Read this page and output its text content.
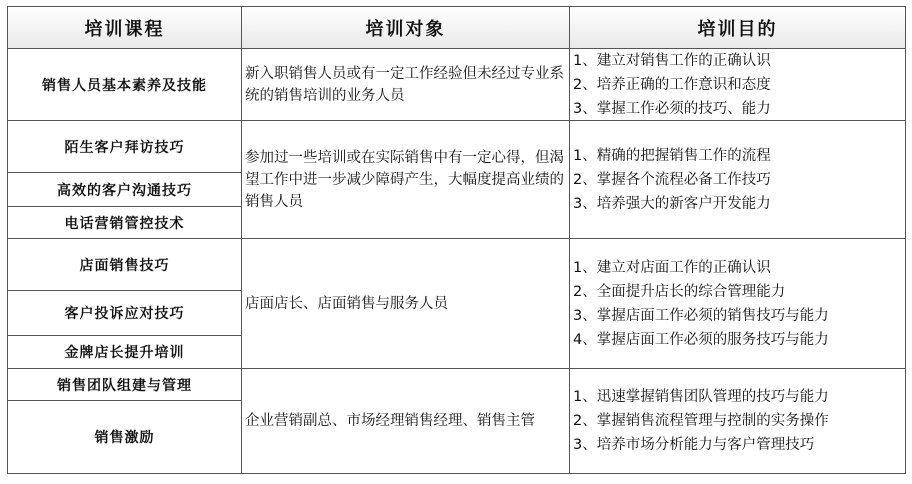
培训课程	培训对象	培训目的
销售人员基本素养及技能
新入职销售人员或有一定工作经验但未经过专业系统的销售培训的业务人员
1、建立对销售工作的正确认识
2、培养正确的工作意识和态度
3、掌握工作必须的技巧、能力
陌生客户拜访技巧
高效的客户沟通技巧
电话营销管控技术
参加过一些培训或在实际销售中有一定心得，但渴望工作中进一步减少障碍产生，大幅度提高业绩的销售人员
1、精确的把握销售工作的流程
2、掌握各个流程必备工作技巧
3、培养强大的新客户开发能力
店面销售技巧
客户投诉应对技巧
金牌店长提升培训
店面店长、店面销售与服务人员
1、建立对店面工作的正确认识
2、全面提升店长的综合管理能力
3、掌握店面工作必须的销售技巧与能力
4、掌握店面工作必须的服务技巧与能力
销售团队组建与管理
销售激励
企业营销副总、市场经理销售经理、销售主管
1、迅速掌握销售团队管理的技巧与能力
2、掌握销售流程管理与控制的实务操作
3、培养市场分析能力与客户管理技巧
